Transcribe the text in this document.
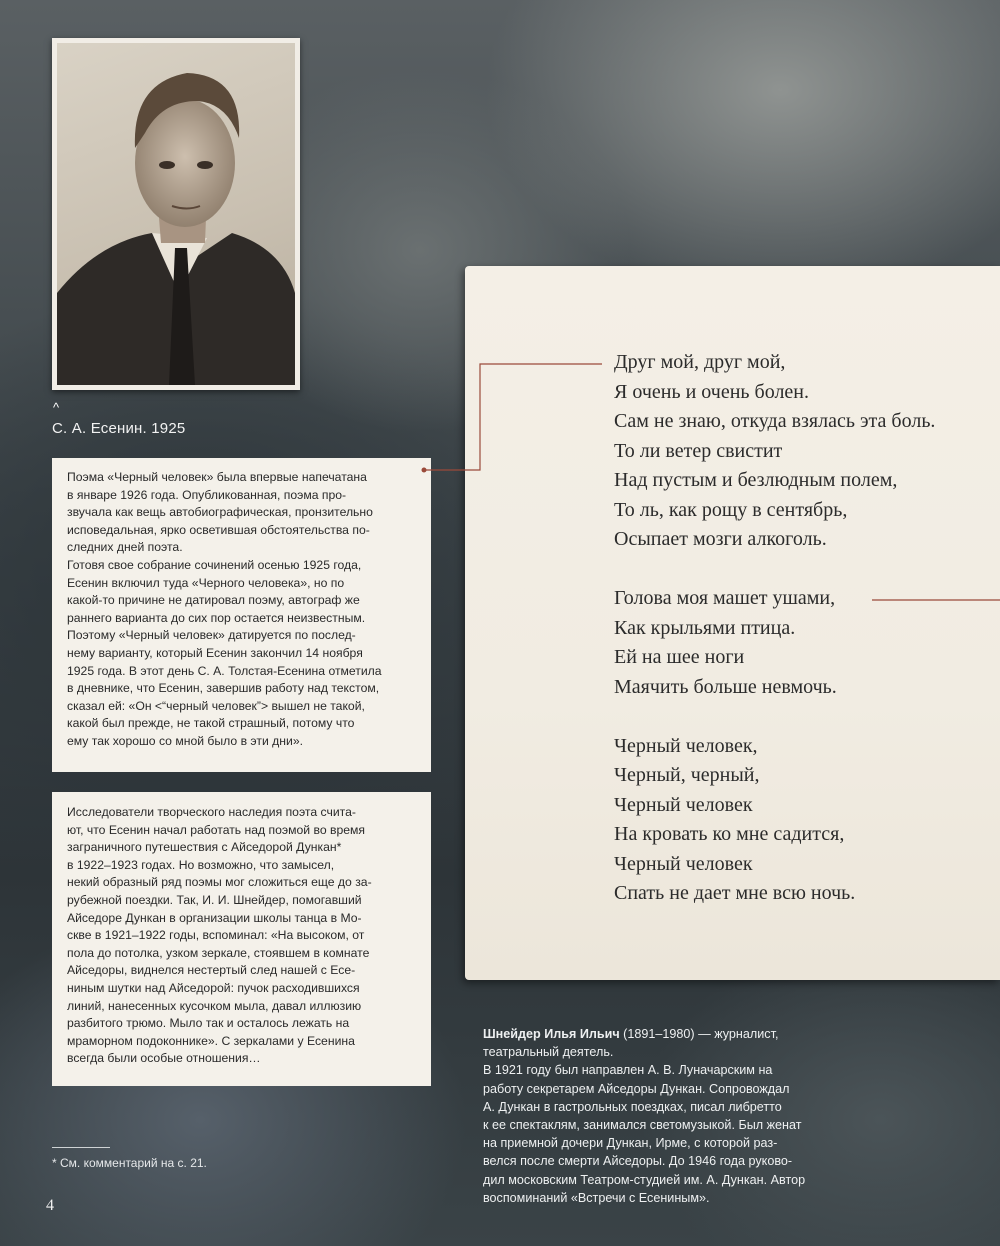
^
С. А. Есенин. 1925
Поэма «Черный человек» была впервые напечатана
в январе 1926 года. Опубликованная, поэма про-
звучала как вещь автобиографическая, пронзительно
исповедальная, ярко осветившая обстоятельства по-
следних дней поэта.
Готовя свое собрание сочинений осенью 1925 года,
Есенин включил туда «Черного человека», но по
какой-то причине не датировал поэму, автограф же
раннего варианта до сих пор остается неизвестным.
Поэтому «Черный человек» датируется по послед-
нему варианту, который Есенин закончил 14 ноября
1925 года. В этот день С. А. Толстая-Есенина отметила
в дневнике, что Есенин, завершив работу над текстом,
сказал ей: «Он <“черный человек”> вышел не такой,
какой был прежде, не такой страшный, потому что
ему так хорошо со мной было в эти дни».
Исследователи творческого наследия поэта счита-
ют, что Есенин начал работать над поэмой во время
заграничного путешествия с Айседорой Дункан*
в 1922–1923 годах. Но возможно, что замысел,
некий образный ряд поэмы мог сложиться еще до за-
рубежной поездки. Так, И. И. Шнейдер, помогавший
Айседоре Дункан в организации школы танца в Мо-
скве в 1921–1922 годы, вспоминал: «На высоком, от
пола до потолка, узком зеркале, стоявшем в комнате
Айседоры, виднелся нестертый след нашей с Есе-
ниным шутки над Айседорой: пучок расходившихся
линий, нанесенных кусочком мыла, давал иллюзию
разбитого трюмо. Мыло так и осталось лежать на
мраморном подоконнике». С зеркалами у Есенина
всегда были особые отношения…
Друг мой, друг мой,
Я очень и очень болен.
Сам не знаю, откуда взялась эта боль.
То ли ветер свистит
Над пустым и безлюдным полем,
То ль, как рощу в сентябрь,
Осыпает мозги алкоголь.
Голова моя машет ушами,
Как крыльями птица.
Ей на шее ноги
Маячить больше невмочь.
Черный человек,
Черный, черный,
Черный человек
На кровать ко мне садится,
Черный человек
Спать не дает мне всю ночь.
Шнейдер Илья Ильич (1891–1980) — журналист,
театральный деятель.
В 1921 году был направлен А. В. Луначарским на
работу секретарем Айседоры Дункан. Сопровождал
А. Дункан в гастрольных поездках, писал либретто
к ее спектаклям, занимался светомузыкой. Был женат
на приемной дочери Дункан, Ирме, с которой раз-
велся после смерти Айседоры. До 1946 года руково-
дил московским Театром-студией им. А. Дункан. Автор
воспоминаний «Встречи с Есениным».
* См. комментарий на с. 21.
4
